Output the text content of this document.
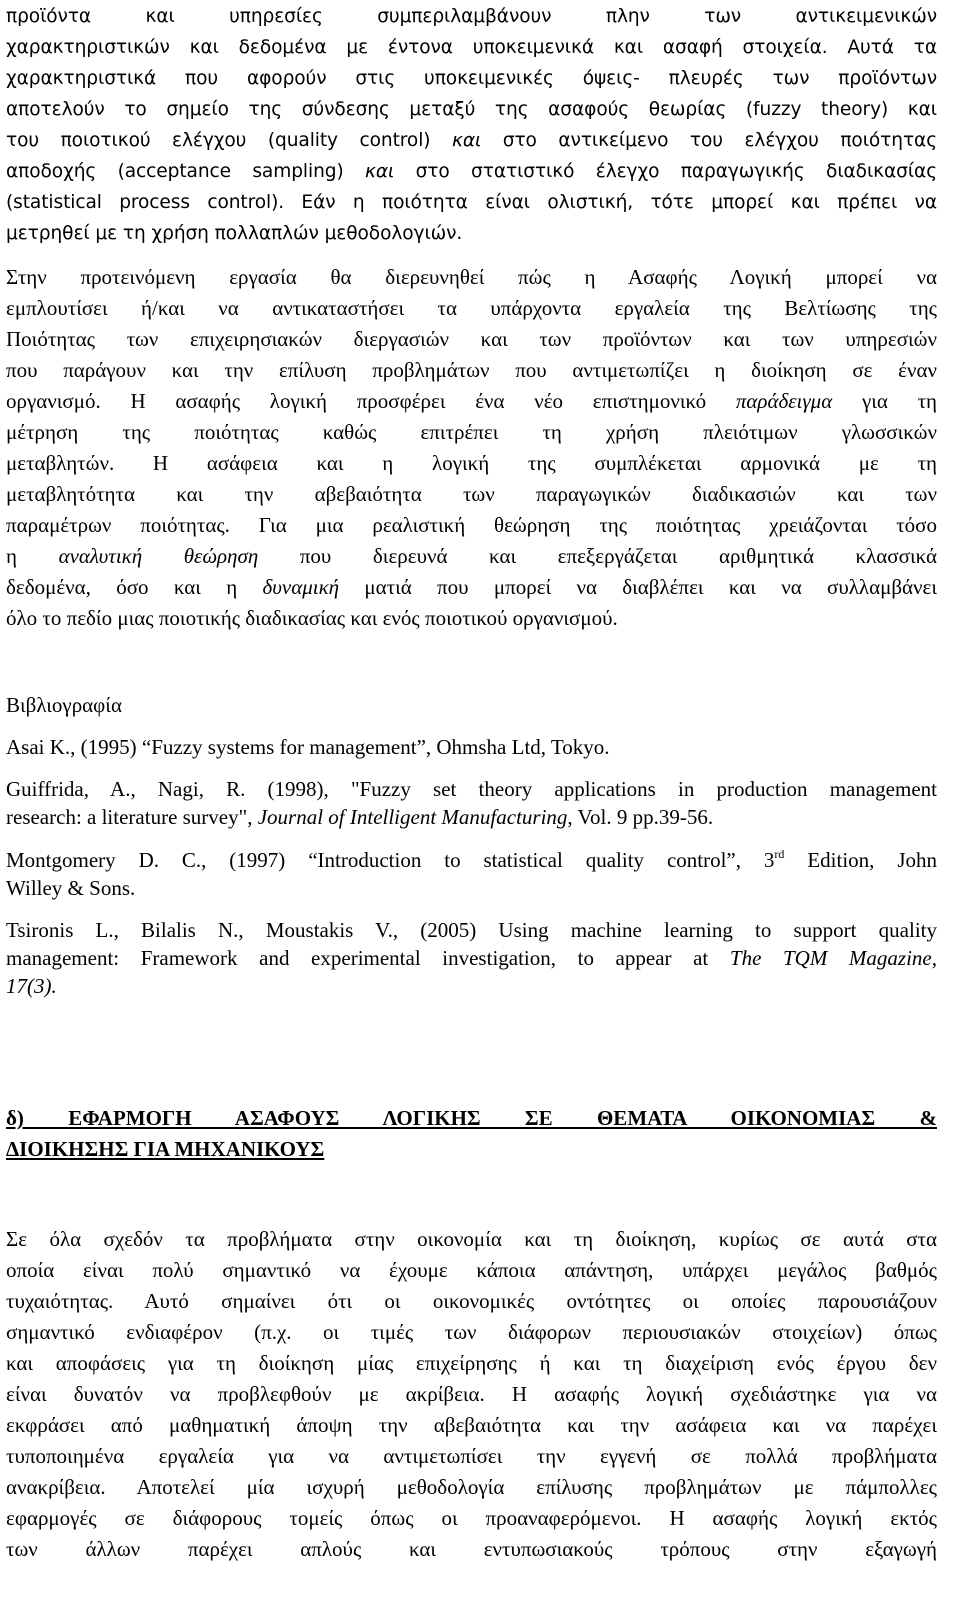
προϊόντα και υπηρεσίες συμπεριλαμβάνουν πλην των αντικειμενικών

χαρακτηριστικών και δεδομένα με έντονα υποκειμενικά και ασαφή στοιχεία. Αυτά τα

χαρακτηριστικά που αφορούν στις υποκειμενικές όψεις- πλευρές των προϊόντων

αποτελούν το σημείο της σύνδεσης μεταξύ της ασαφούς θεωρίας (fuzzy theory) και

του ποιοτικού ελέγχου (quality control) και στο αντικείμενο του ελέγχου ποιότητας

αποδοχής (acceptance sampling) και στο στατιστικό έλεγχο παραγωγικής διαδικασίας

(statistical process control). Εάν η ποιότητα είναι ολιστική, τότε μπορεί και πρέπει να

μετρηθεί με τη χρήση πολλαπλών μεθοδολογιών.

Στην προτεινόμενη εργασία θα διερευνηθεί πώς η Ασαφής Λογική μπορεί να

εμπλουτίσει ή/και να αντικαταστήσει τα υπάρχοντα εργαλεία της Βελτίωσης της

Ποιότητας των επιχειρησιακών διεργασιών και των προϊόντων και των υπηρεσιών

που παράγουν και την επίλυση προβλημάτων που αντιμετωπίζει η διοίκηση σε έναν

οργανισμό. Η ασαφής λογική προσφέρει ένα νέο επιστημονικό παράδειγμα για τη

μέτρηση της ποιότητας καθώς επιτρέπει τη χρήση πλειότιμων γλωσσικών

μεταβλητών. Η ασάφεια και η λογική της συμπλέκεται αρμονικά με τη

μεταβλητότητα και την αβεβαιότητα των παραγωγικών διαδικασιών και των

παραμέτρων ποιότητας. Για μια ρεαλιστική θεώρηση της ποιότητας χρειάζονται τόσο

η αναλυτική θεώρηση που διερευνά και επεξεργάζεται αριθμητικά κλασσικά

δεδομένα, όσο και η δυναμική ματιά που μπορεί να διαβλέπει και να συλλαμβάνει

όλο το πεδίο μιας ποιοτικής διαδικασίας και ενός ποιοτικού οργανισμού.

Βιβλιογραφία

Asai K., (1995) “Fuzzy systems for management”, Ohmsha Ltd, Tokyo.

Guiffrida, A., Nagi, R. (1998), "Fuzzy set theory applications in production management

research: a literature survey", Journal of Intelligent Manufacturing, Vol. 9 pp.39-56.

Montgomery D. C., (1997) “Introduction to statistical quality control”, 3rd Edition, John

Willey & Sons.

Tsironis L., Bilalis N., Moustakis V., (2005) Using machine learning to support quality

management: Framework and experimental investigation, to appear at The TQM Magazine,

17(3).

δ) ΕΦΑΡΜΟΓΗ ΑΣΑΦΟΥΣ ΛΟΓΙΚΗΣ ΣΕ ΘΕΜΑΤΑ ΟΙΚΟΝΟΜΙΑΣ &

ΔΙΟΙΚΗΣΗΣ ΓΙΑ ΜΗΧΑΝΙΚΟΥΣ

Σε όλα σχεδόν τα προβλήματα στην οικονομία και τη διοίκηση, κυρίως σε αυτά στα

οποία είναι πολύ σημαντικό να έχουμε κάποια απάντηση, υπάρχει μεγάλος βαθμός

τυχαιότητας. Αυτό σημαίνει ότι οι οικονομικές οντότητες οι οποίες παρουσιάζουν

σημαντικό ενδιαφέρον (π.χ. οι τιμές των διάφορων περιουσιακών στοιχείων) όπως

και αποφάσεις για τη διοίκηση μίας επιχείρησης ή και τη διαχείριση ενός έργου δεν

είναι δυνατόν να προβλεφθούν με ακρίβεια. Η ασαφής λογική σχεδιάστηκε για να

εκφράσει από μαθηματική άποψη την αβεβαιότητα και την ασάφεια και να παρέχει

τυποποιημένα εργαλεία για να αντιμετωπίσει την εγγενή σε πολλά προβλήματα

ανακρίβεια. Αποτελεί μία ισχυρή μεθοδολογία επίλυσης προβλημάτων με πάμπολλες

εφαρμογές σε διάφορους τομείς όπως οι προαναφερόμενοι. Η ασαφής λογική εκτός

των άλλων παρέχει απλούς και εντυπωσιακούς τρόπους στην εξαγωγή
